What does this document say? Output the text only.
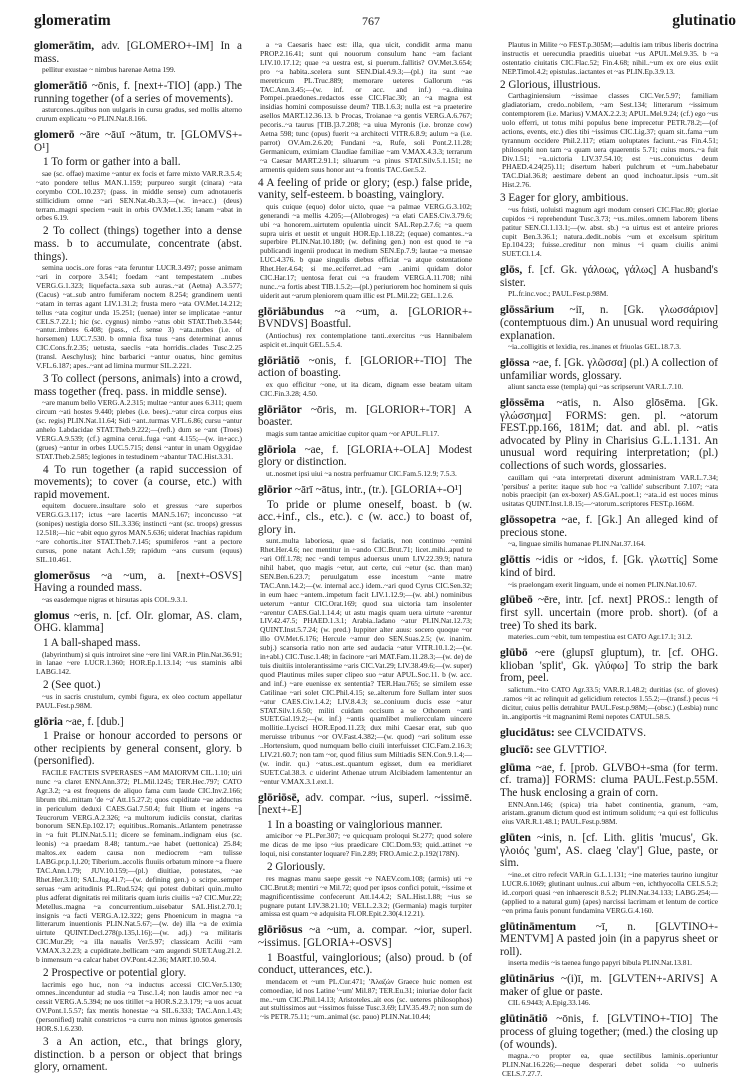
glomeratim	767	glutinatio
glomerātim, adv. [GLOMERO+-IM] In a mass.
pellitur exustae ~ nimbus harenae Aetna 199.
glomerātiō ~ōnis, f. [next+-TIO] (app.) The running together (of a series of movements).
asturcones..quibus non uulgaris in cursu gradus, sed mollis alterno crurum explicatu ~o PLIN.Nat.8.166.
glomerō ~āre ~āuī ~ātum, tr. [GLOMVS+-O¹]
1 To form or gather into a ball.
sae (sc. offae) maxime ~antur ex focis et farre mixto VAR.R.3.5.4; ~ato pondere tellus MAN.1.159; purpureo surgit (cinara) ~ata corymbo COL.10.237; (pass. in middle sense) cum adnotaueris stillicidium omne ~ari SEN.Nat.4b.3.3;—(w. in+acc.) (deus) terram..magni speciem ~auit in orbis OV.Met.1.35; lanam ~abat in orbes 6.19.
2 To collect (things) together into a dense mass. b to accumulate, concentrate (abst. things).
semina uocis..ore foras ~ata feruntur LUCR.3.497; posse animam ~ari in corpore 3.541; foedam ~ant tempestatem ..nubes VERG.G.1.323; liquefacta..saxa sub auras..~at (Aetna) A.3.577; (Cacus) ~at..sub antro fumiferam noctem 8.254; grandinem uenti ~atam in terras agant LIV.1.31.2; frusta mero ~ata OV.Met.14.212; tellus ~ata cogitur unda 15.251; (uenae) inter se implicatae ~antur CELS.7.22.1; hic (sc. cygnus) nimbo ~atus obit STAT.Theb.3.544; ~antur..imbres 6.408; (pass., cf. sense 3) ~ata..nubes (i.e. of horsemen) LUC.7.530. b omnia fixa tuus ~ans determinat annus CIC.Cons.fr.2.35; uetusta, saeclis ~ata horridis..clades Tusc.2.25 (transl. Aeschylus); hinc barbarici ~antur ouatus, hinc gemitus V.FL.6.187; apes..~ant ad limina murmur SIL.2.221.
3 To collect (persons, animals) into a crowd, mass together (freq. pass. in middle sense).
~are manum bello VERG.A.2.315; multae ~antur aues 6.311; quem circum ~ati hostes 9.440; plebes (i.e. bees)..~atur circa corpus eius (sc. regis) PLIN.Nat.11.64; Sidi ~ant..turmas V.FL.6.86; cursu ~antur anhelo Labdacidae STAT.Theb.9.222;—(refl.) dum se ~ant (Troes) VERG.A.9.539; (cf.) agmina cerui..fuga ~ant 4.155;—(w. in+acc.) (grues) ~antur in orbes LUC.5.715; densi ~antur in unam Ogygidae STAT.Theb.2.585; legiones in testudinem ~abantur TAC.Hist.3.31.
4 To run together (a rapid succession of movements); to cover (a course, etc.) with rapid movement.
equitem docuere..insultare solo et gressus ~are superbos VERG.G.3.117; ictus ~are lacertis MAN.5.167; inconcusso ~at (sonipes) uestigia dorso SIL.3.336; instincti ~ant (sc. troops) gressus 12.518;—hic ~abit equo gyros MAN.5.636; uiderat Inachias rapidum ~are cohortis..iter STAT.Theb.7.145; spumiferos ~ant a pectore cursus, pone natant Ach.1.59; rapidum ~ans cursum (equus) SIL.10.461.
glomerōsus ~a ~um, a. [next+-OSVS] Having a rounded mass.
~as easdemque nigras et hirsutas apis COL.9.3.1.
glomus ~eris, n. [cf. OIr. glomar, AS. clam, OHG. klamma]
1 A ball-shaped mass.
(labyrinthum) si quis introiret sine ~ere lini VAR.in Plin.Nat.36.91; in lanae ~ere LUCR.1.360; HOR.Ep.1.13.14; ~us staminis albi LABG.142.
2 (See quot.)
~us in sacris crustulum, cymbi figura, ex oleo coctum appellatur PAUL.Fest.p.98M.
glōria ~ae, f. [dub.]
1 Praise or honour accorded to persons or other recipients by general consent, glory. b (personified).
FACILE FACTEIS SVPERASES ~AM MAIORVM CIL.1.10; uiri nunc ~a claret ENN.Ann.372; PL.Mil.1245; TER.Hec.797; CATO Agr.3.2; ~a est frequens de aliquo fama cum laude CIC.Inv.2.166; librum tibi..mittam 'de ~a' Att.15.27.2; quos cupiditate ~ae adductus in periculum deduxi CAES.Gal.7.50.4; fuit Ilium et ingens ~a Teucrorum VERG.A.2.326; ~a multorum iudiciis constat, claritas bonorum SEN.Ep.102.17; equitibus..Romanis..Atlantem penetrasse in ~a fuit PLIN.Nat.5.11; dicere se feminam..indignam eius (sc. leonis) ~a praedam 8.48; tantum..~ae habet (uettonica) 25.84; maltos..ex eadem causa non mediocrem ~am tulisse LABG.pr.p.1,l.20; Tiberium..accolis fluuiis orbatum minore ~a fluere TAC.Ann.1.79; JUV.10.159;—(pl.) diuitiae, potestates, ~ae Rhet.Her.3.10; SAL.Jug.41.7;—(w. defining gen.) o scirpe..semper seruas ~am aritudinis PL.Rud.524; qui potest dubitari quin..multo plus adferat dignitatis rei militaris quam iuris ciuilis ~a? CIC.Mur.22; Metellus..magna ~a concurrentium..uisebatur SAL.Hist.2.70.1; insignis ~a facti VERG.A.12.322; gens Phoenicum in magna ~a litterarum inuentionis PLIN.Nat.5.67;—(w. de) illa ~a de eximia uirtute QUINT.Decl.278(p.135,l.16);—(w. adj.) ~a militaris CIC.Mur.29; ~a illa naualis Ver.5.97; classicam Acilii ~am V.MAX.3.2.23; a cupiditate..bellicam ~am augendi SUET.Aug.21.2. b inmensum ~a calcar habet OV.Pont.4.2.36; MART.10.50.4.
2 Prospective or potential glory.
lacrimis ego huc, non ~a inductus accessi CIC.Ver.5.130; omnes..incenduntur ad studia ~a Tusc.1.4; non laudis amor nec ~a cessit VERG.A.5.394; ne uos titillet ~a HOR.S.2.3.179; ~a uos acuat OV.Pont.1.5.57; fax mentis honestae ~a SIL.6.333; TAC.Ann.1.43; (personified) trahit constrictos ~a curru non minus ignotos generosis HOR.S.1.6.230.
3 a An action, etc., that brings glory, distinction. b a person or object that brings glory, ornament.
a ~a Caesaris haec est: illa, qua uicit, condidit arma manu PROP.2.16.41; sunt qui nouorum consulum hanc ~am faciant LIV.10.17.12; quae ~a uestra est, si puerum..fallitis? OV.Met.3.654; pro ~a habita..scelera sunt SEN.Dial.4.9.3;—(pl.) ita sunt ~ae meretricum PL.Truc.889; memorare ueteres Gallorum ~as TAC.Ann.3.45;—(w. inf. or acc. and inf.) ~a..diuina Pompei..praedones..redactos esse CIC.Flac.30; an ~a magna est insidias homini composuisse deum? TIB.1.6.3; nulla est ~a praeterire asellos MART.12.36.13. b Procas, Troianae ~a gentis VERG.A.6.767; pecoris..~a taurus [TIB.]3.7.208; ~a uiua Myronis (i.e. bronze cow) Aetna 598; tunc (opus) fuerit ~a architecti VITR.6.8.9; aulum ~a (i.e. parrot) OV.Am.2.6.20; Fundani ~a, Rufe, soli Pont.2.11.28; Germanicum, eximiam Claudiae familiae ~am V.MAX.4.3.3; terrarum ~a Caesar MART.2.91.1; siluarum ~a pinus STAT.Silv.5.1.151; ne armentis quidem suus honor aut ~a frontis TAC.Ger.5.2.
4 A feeling of pride or glory; (esp.) false pride, vanity, self-esteem. b boasting, vainglory.
quis cuique (equo) dolor uicto, quae ~a palmae VERG.G.3.102; generandi ~a mellis 4.205;—(Allobroges) ~a elati CAES.Civ.3.79.6; ubi ~a honorem..uirtutem opulentia uincit SAL.Rep.2.7.6; ~a quem supra uiris et uestit et unguit HOR.Ep.1.18.22; (equae) comantes..~a superbire PLIN.Nat.10.180; (w. defining gen.) non est quod te ~a publicandi ingenii producat in medium SEN.Ep.7.9; lautae ~a mensae LUC.4.376. b quae singulis diebus efficiat ~a atque ostentatione Rhet.Her.4.64; si me..eciferret..ad ~am ..animi quidam dolor CIC.Har.17; uentosa ferat cui ~a fraudem VERG.A.11.708; nihi nunc..~a fortis abest TIB.1.5.2;—(pl.) periuriorem hoc hominem si quis uiderit aut ~arum pleniorem quam illic est PL.Mil.22; GEL.1.2.6.
glōriābundus ~a ~um, a. [GLORIOR+-BVNDVS] Boastful.
(Antiochus) rex contemplatione tanti..exercitus ~us Hannibalem aspicit et..inquit GEL.5.5.4.
glōriātiō ~onis, f. [GLORIOR+-TIO] The action of boasting.
ex quo efficitur ~one, ut ita dicam, dignam esse beatam uitam CIC.Fin.3.28; 4.50.
glōriātor ~ōris, m. [GLORIOR+-TOR] A boaster.
magis sum tantae amicitiae cupitor quam ~or APUL.Fl.17.
glōriola ~ae, f. [GLORIA+-OLA] Modest glory or distinction.
ut..nosmet ipsi uiui ~a nostra perfruamur CIC.Fam.5.12.9; 7.5.3.
glōrior ~ārī ~ātus, intr., (tr.). [GLORIA+-O¹]
To pride or plume oneself, boast. b (w. acc.+inf., cls., etc.). c (w. acc.) to boast of, glory in.
sunt..multa laboriosa, quae si faciatis, non continuo ~emini Rhet.Her.4.6; nec mentitur in ~ando CIC.Brut.71; licet..mihi..apud te ~ari Off.1.78; nec ~andi tempus aduersus unum LIV.22.39.9; natura nihil habet, quo magis ~etur, aut certe, cui ~etur (sc. than man) SEN.Ben.6.23.7; peruulgatum esse incestum ~ante matre TAC.Ann.14.2;—(w. internal acc.) idem..~ari quod Cyrus CIC.Sen.32; in eum haec ~antem..impetum facit LIV.1.12.9;—(w. abl.) nominibus ueterum ~antur CIC.Orat.169; quod sua uictoria tam insolenter ~arentur CAES.Gal.1.14.4; ut astu magis quam uera uirtute ~arentur LIV.42.47.5; PHAED.1.3.1; Arabia..ladano ~atur PLIN.Nat.12.73; QUINT.Inst.5.7.24; (w. pred.) Iuppiter alter auus: socero quoque ~or illo OV.Met.6.176; Hercule ~amur deo SEN.Suas.2.5; (w. inanim. subj.) scansoria ratio non arte sed audacia ~atur VITR.10.1.2;—(w. in+abl.) CIC.Tusc.1.48; in facinore ~ari MAT.Fam.11.28.3;—(w. de) de tuis diuitiis intolerantissime ~aris CIC.Vat.29; LIV.38.49.6;—(w. super) quod Plautinus miles super clipeo suo ~atur APUL.Soc.11. b (w. acc. and inf.) ~are euenisse ex sententia? TER.Hau.765; se similem esse Catilinae ~ari solet CIC.Phil.4.15; se..alterum fore Sullam inter suos ~atur CAES.Civ.1.4.2; LIV.8.4.3; se..coniuum ducis esse ~atur STAT.Silv.1.6.50; militi cuidam occisum a se Othonem ~anti SUET.Gal.19.2;—(w. inf.) ~antis quamlibet muliercculam uincere mollitie..Lyciscí HOR.Epod.11.23; dux mihi Caesar erat, sub quo meruisse tribunus ~or OV.Fast.4.382;—(w. quod) ~ari solitum esse ..Hortensium, quod numquam bello ciuili interfuisset CIC.Fam.2.16.3; LIV.21.60.7; non tam ~or, quod filius sum Miltiadis SEN.Con.9.1.4;—(w. indir. qu.) ~atus..est..quantum egisset, dum ea meridiaret SUET.Cal.38.3. c uiderint Athenae utrum Alcibiadem lamententur an ~entur V.MAX.3.1.ext.1.
glōriōsē, adv. compar. ~ius, superl. ~issimē. [next+-E]
1 In a boasting or vainglorious manner.
amicibor ~e PL.Per.307; ~e quicquam proloqui St.277; quod solere me dicas de me ipso ~ius praedicare CIC.Dom.93; quid..attinet ~e loqui, nisi constanter loquare? Fin.2.89; FRO.Amic.2.p.192(178N).
2 Gloriously.
res magnas manu saepe gessit ~e NAEV.com.108; (armis) uti ~e CIC.Brut.8; mentiri ~e Mil.72; quod per ipsos confici potuit, ~issime et magnificentissime confecerunt Att.14.4.2; SAL.Hist.1.88; ~ius se pugnare putant LIV.38.21.10; VELL.2.3.2; (Germania) magis turpiter amissa est quam ~e adquisita FLOR.Epit.2.30(4.12.21).
glōriōsus ~a ~um, a. compar. ~ior, superl. ~issimus. [GLORIA+-OSVS]
1 Boastful, vainglorious; (also) proud. b (of conduct, utterances, etc.).
mendacem et ~um PL.Cur.471; 'Ἀλαζών Graece huic nomen est comoediae, id nos Latine '~um' Mil.87; TER.Eu.31; iniuriae dolor facit me..~um CIC.Phil.14.13; Aristoteles..ait eos (sc. ueteres philosophos) aut stultissimos aut ~issimos fuisse Tusc.3.69; LIV.35.49.7; non sum de ~is PETR.75.11; ~um..animal (sc. pauo) PLIN.Nat.10.44;
Plautus in Milite ~o FEST.p.305M;—adultis iam tribus liberis doctrina instructis et uerecundia praeditis uiuebat ~us APUL.Mel.9.35. b ~a ostentatio ciuitatis CIC.Flac.52; Fin.4.68; nihil..~um ex ore eius exiit NEP.Timol.4.2; epistulas..iactantes et ~as PLIN.Ep.3.9.13.
2 Glorious, illustrious.
Carthaginiensium ~issimae classes CIC.Ver.5.97; familiam gladiatoriam, credo..nobilem, ~am Sest.134; litterarum ~issimum contemptorem (i.e. Marius) V.MAX.2.2.3; APUL.Mel.9.24; (cf.) ego ~us uolo efferri, ut totus mihi populus bene imprecetur PETR.78.2;—(of actions, events, etc.) dies tibi ~issimus CIC.Lig.37; quam sit..fama ~um tyrannum occidere Phil.2.117; etiam uoluptates faciunt..~as Fin.4.51; philosophi non tam ~a quam uera quaerentis 5.71; cuius mors..~a fuit Div.1.51; ~a..uictoria LIV.37.54.10; est ~us..conuictus deum PHAED.4.24(25).11; disertum haberi pulchrum et ~um..habebatur TAC.Dial.36.8; aestimare debent an quod inchoatur..ipsis ~um..sit Hist.2.76.
3 Eager for glory, ambitious.
~us fuisti, uoluisti magnum agri modum censeri CIC.Flac.80; gloriae cupidos ~i reprehendunt Tusc.3.73; ~us..miles..omnem laborem libens patitur SEN.Cl.1.13.1;—(w. abst. sb.) ~a uirtus est et anteire priores cupit Ben.3.36.1; natura..dedit..nobis ~um et excelsum spiritum Ep.104.23; fuisse..creditur non minus ~i quam ciuilis animi SUET.Cl.1.4.
glōs, f. [cf. Gk. γάλοως, γάλως] A husband's sister.
PL.fr.inc.voc.; PAUL.Fest.p.98M.
glōssārium ~iī, n. [Gk. γλωσσάριον] (contemptuous dim.) An unusual word requiring explanation.
~ia..colligitis et lexidia, res..inanes et friuolas GEL.18.7.3.
glōssa ~ae, f. [Gk. γλῶσσα] (pl.) A collection of unfamiliar words, glossary.
aliunt sancta esse (templa) qui ~as scripserunt VAR.L.7.10.
glōssēma ~atis, n. Also glōsēma. [Gk. γλώσσημα] FORMS: gen. pl. ~atorum FEST.pp.166, 181M; dat. and abl. pl. ~atis advocated by Pliny in Charisius G.L.1.131. An unusual word requiring interpretation; (pl.) collections of such words, glossaries.
cauillam qui ~ata interpretati dixerunt administram VAR.L.7.34; 'persibus' a perite: itaque sub hoc ~a 'callide' subscribunt 7.107; ~ata nobis praecipit (an ex-boxer) AS.GAL.poet.1; ~ata..id est uoces minus usitatas QUINT.Inst.1.8.15;—~atorum..scriptores FEST.p.166M.
glōssopetra ~ae, f. [Gk.] An alleged kind of precious stone.
~a, linguae similis humanae PLIN.Nat.37.164.
glōttis ~idis or ~idos, f. [Gk. γλωττίς] Some kind of bird.
~is praelongam exerit linguam, unde ei nomen PLIN.Nat.10.67.
glūbeō ~ēre, intr. [cf. next] PROS.: length of first syll. uncertain (more prob. short). (of a tree) To shed its bark.
materies..cum ~ebit, tum tempestiua est CATO Agr.17.1; 31.2.
glūbō ~ere (glupsī gluptum), tr. [cf. OHG. klioban 'split', Gk. γλύφω] To strip the bark from, peel.
salictum..~ito CATO Agr.33.5; VAR.R.1.48.2; duritias (sc. of gloves) .ramos ~it ac relinquit ad gelicidium retectos 1.55.2;—(transf.) pecus ~i dicitur, cuius pellis detrahitur PAUL.Fest.p.98M;—(obsc.) (Lesbia) nunc in..angiportis ~it magnanimi Remi nepotes CATUL.58.5.
glucidātus: see CLVCIDATVS.
glucīō: see GLVTTIO².
glūma ~ae, f. [prob. GLVBO+-sma (for term. cf. trama)] FORMS: cluma PAUL.Fest.p.55M. The husk enclosing a grain of corn.
ENN.Ann.146; (spica) tria habet continentia, granum, ~am, aristam..granum dictum quod est intimum solidum; ~a qui est folliculus eius VAR.R.1.48.1; PAUL.Fest.p.98M.
glūten ~inis, n. [cf. Lith. glitis 'mucus', Gk. γλοιός 'gum', AS. claeg 'clay'] Glue, paste, or sim.
~ine..et citro refecit VAR.in G.L.1.131; ~ine materies taurino iungitur LUCR.6.1069; glutinant uulnus..cui album ~en, ichthyocolla CELS.5.2; id..corpori quasi ~en inhaerescit 8.5.2; PLIN.Nat.34.133; LABG.254;—(applied to a natural gum) (apes) narcissi lacrimam et lentum de cortice ~en prima fauis ponunt fundamina VERG.G.4.160.
glūtināmentum ~ī, n. [GLVTINO+-MENTVM] A pasted join (in a papyrus sheet or roll).
inserta mediis ~is taenea fungo papyri bibula PLIN.Nat.13.81.
glūtinārius ~(i)ī, m. [GLVTEN+-ARIVS] A maker of glue or paste.
CIL 6.9443; A.Epig.33.146.
glūtinātiō ~ōnis, f. [GLVTINO+-TIO] The process of gluing together; (med.) the closing up (of wounds).
magna..~o propter ea, quae sectilibus laminis..operiuntur PLIN.Nat.16.226;—neque desperari debet solida ~o uulneris CELS.7.27.7.
